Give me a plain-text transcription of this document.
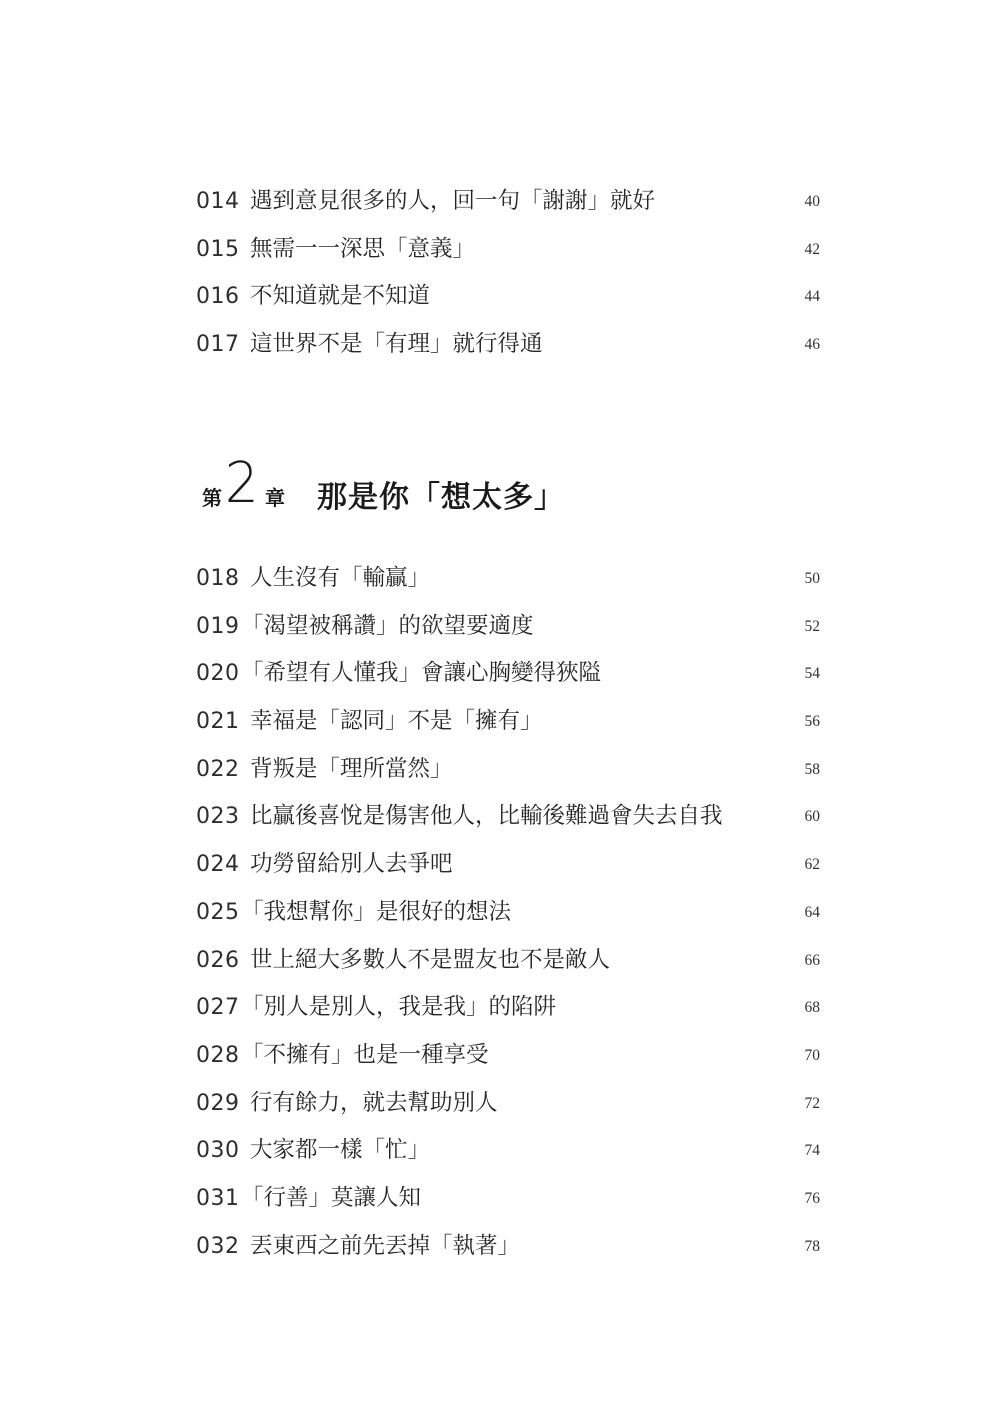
014 遇到意見很多的人，回一句「謝謝」就好	40
015 無需一一深思「意義」	42
016 不知道就是不知道	44
017 這世界不是「有理」就行得通	46
第 2 章 那是你「想太多」
018 人生沒有「輸贏」	50
019 「渴望被稱讚」的欲望要適度	52
020 「希望有人懂我」會讓心胸變得狹隘	54
021 幸福是「認同」不是「擁有」	56
022 背叛是「理所當然」	58
023 比贏後喜悅是傷害他人，比輸後難過會失去自我	60
024 功勞留給別人去爭吧	62
025 「我想幫你」是很好的想法	64
026 世上絕大多數人不是盟友也不是敵人	66
027 「別人是別人，我是我」的陷阱	68
028 「不擁有」也是一種享受	70
029 行有餘力，就去幫助別人	72
030 大家都一樣「忙」	74
031 「行善」莫讓人知	76
032 丟東西之前先丟掉「執著」	78
